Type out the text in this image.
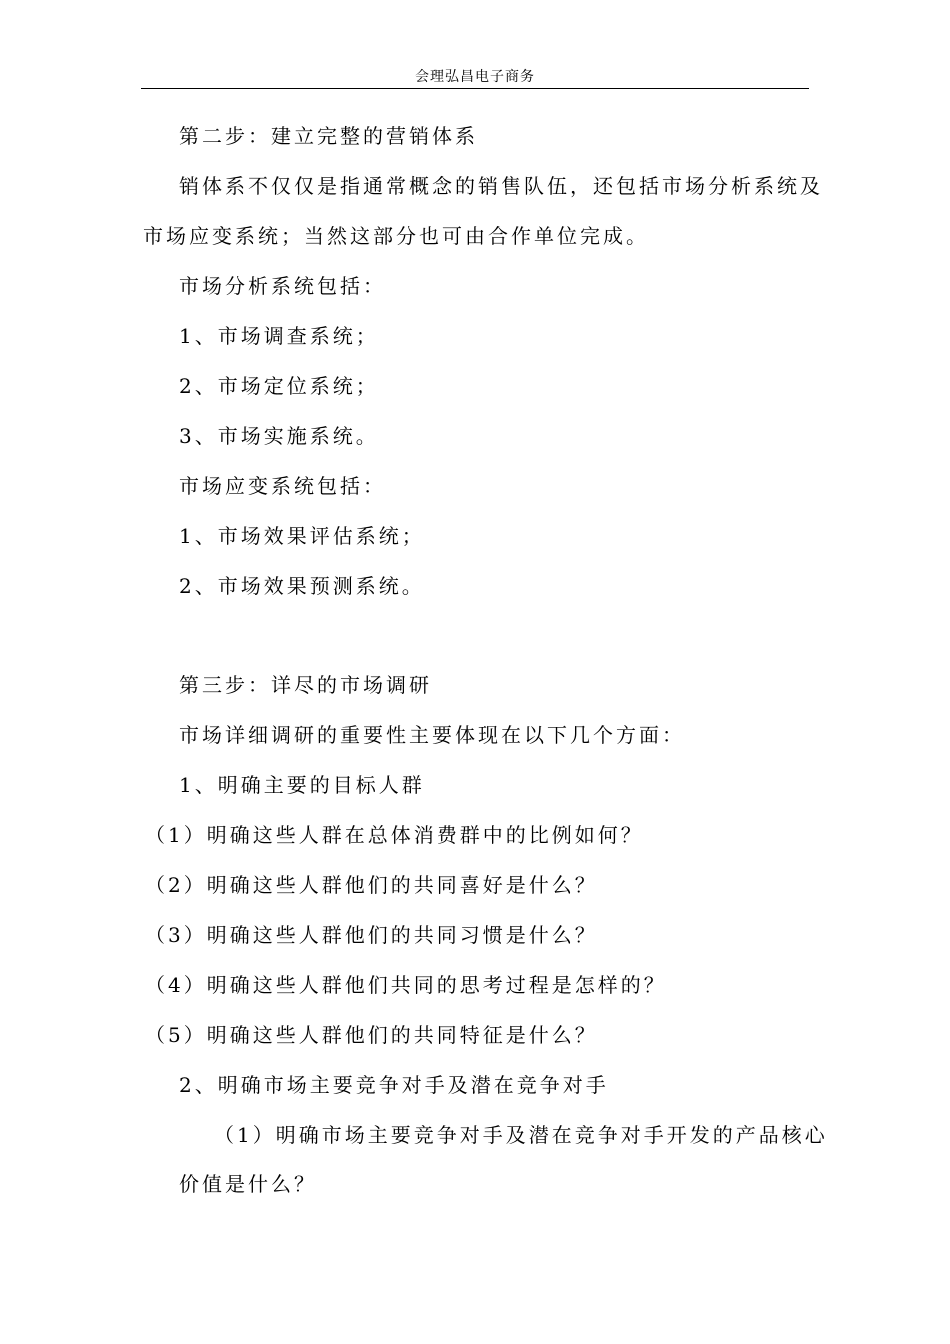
会理弘昌电子商务
第二步：建立完整的营销体系
销体系不仅仅是指通常概念的销售队伍，还包括市场分析系统及
市场应变系统；当然这部分也可由合作单位完成。
市场分析系统包括：
1、市场调查系统；
2、市场定位系统；
3、市场实施系统。
市场应变系统包括：
1、市场效果评估系统；
2、市场效果预测系统。
第三步：详尽的市场调研
市场详细调研的重要性主要体现在以下几个方面：
1、明确主要的目标人群
（1）明确这些人群在总体消费群中的比例如何？
（2）明确这些人群他们的共同喜好是什么？
（3）明确这些人群他们的共同习惯是什么？
（4）明确这些人群他们共同的思考过程是怎样的？
（5）明确这些人群他们的共同特征是什么？
2、明确市场主要竞争对手及潜在竞争对手
（1）明确市场主要竞争对手及潜在竞争对手开发的产品核心
价值是什么？
